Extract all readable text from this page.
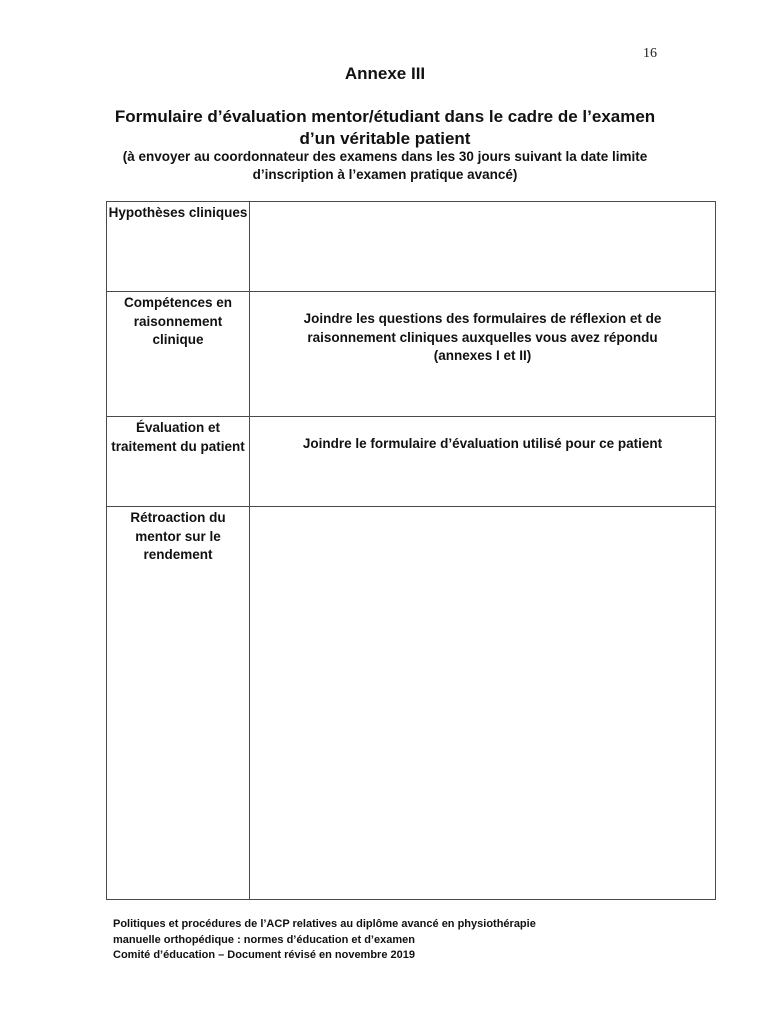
16
Annexe III
Formulaire d’évaluation mentor/étudiant dans le cadre de l’examen d’un véritable patient
(à envoyer au coordonnateur des examens dans les 30 jours suivant la date limite d’inscription à l’examen pratique avancé)
Hypothèses cliniques	
Compétences en raisonnement clinique	Joindre les questions des formulaires de réflexion et de raisonnement cliniques auxquelles vous avez répondu (annexes I et II)
Évaluation et traitement du patient	Joindre le formulaire d’évaluation utilisé pour ce patient
Rétroaction du mentor sur le rendement	
Politiques et procédures de l’ACP relatives au diplôme avancé en physiothérapie
manuelle orthopédique : normes d’éducation et d’examen
Comité d’éducation – Document révisé en novembre 2019
